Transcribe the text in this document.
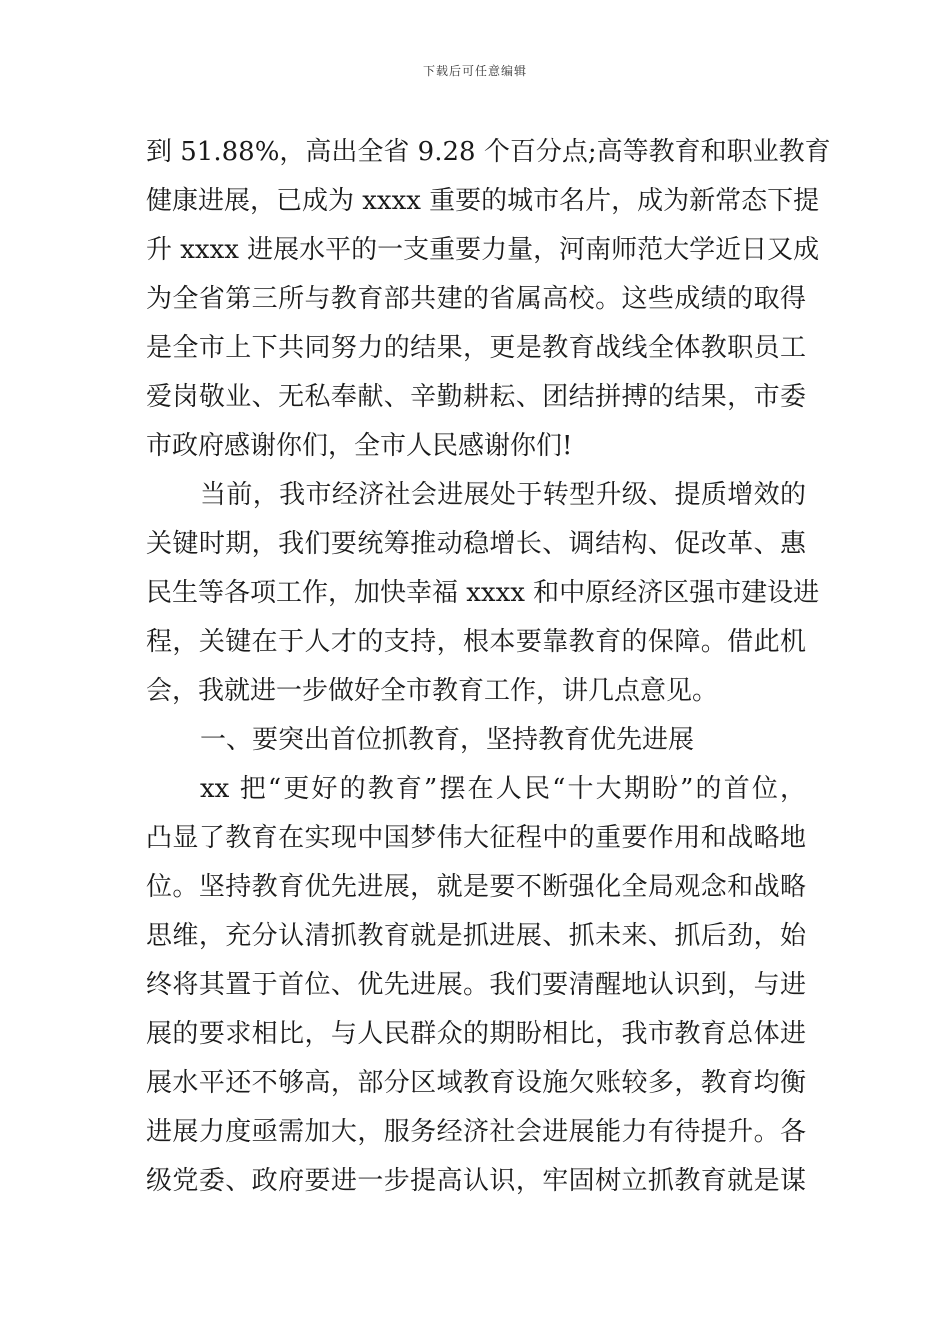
下载后可任意编辑
到 51.88%，高出全省 9.28 个百分点;高等教育和职业教育
健康进展，已成为 xxxx 重要的城市名片，成为新常态下提
升 xxxx 进展水平的一支重要力量，河南师范大学近日又成
为全省第三所与教育部共建的省属高校。这些成绩的取得
是全市上下共同努力的结果，更是教育战线全体教职员工
爱岗敬业、无私奉献、辛勤耕耘、团结拼搏的结果，市委
市政府感谢你们，全市人民感谢你们!
当前，我市经济社会进展处于转型升级、提质增效的
关键时期，我们要统筹推动稳增长、调结构、促改革、惠
民生等各项工作，加快幸福 xxxx 和中原经济区强市建设进
程，关键在于人才的支持，根本要靠教育的保障。借此机
会，我就进一步做好全市教育工作，讲几点意见。
一、要突出首位抓教育，坚持教育优先进展
xx 把“更好的教育”摆在人民“十大期盼”的首位，
凸显了教育在实现中国梦伟大征程中的重要作用和战略地
位。坚持教育优先进展，就是要不断强化全局观念和战略
思维，充分认清抓教育就是抓进展、抓未来、抓后劲，始
终将其置于首位、优先进展。我们要清醒地认识到，与进
展的要求相比，与人民群众的期盼相比，我市教育总体进
展水平还不够高，部分区域教育设施欠账较多，教育均衡
进展力度亟需加大，服务经济社会进展能力有待提升。各
级党委、政府要进一步提高认识，牢固树立抓教育就是谋
